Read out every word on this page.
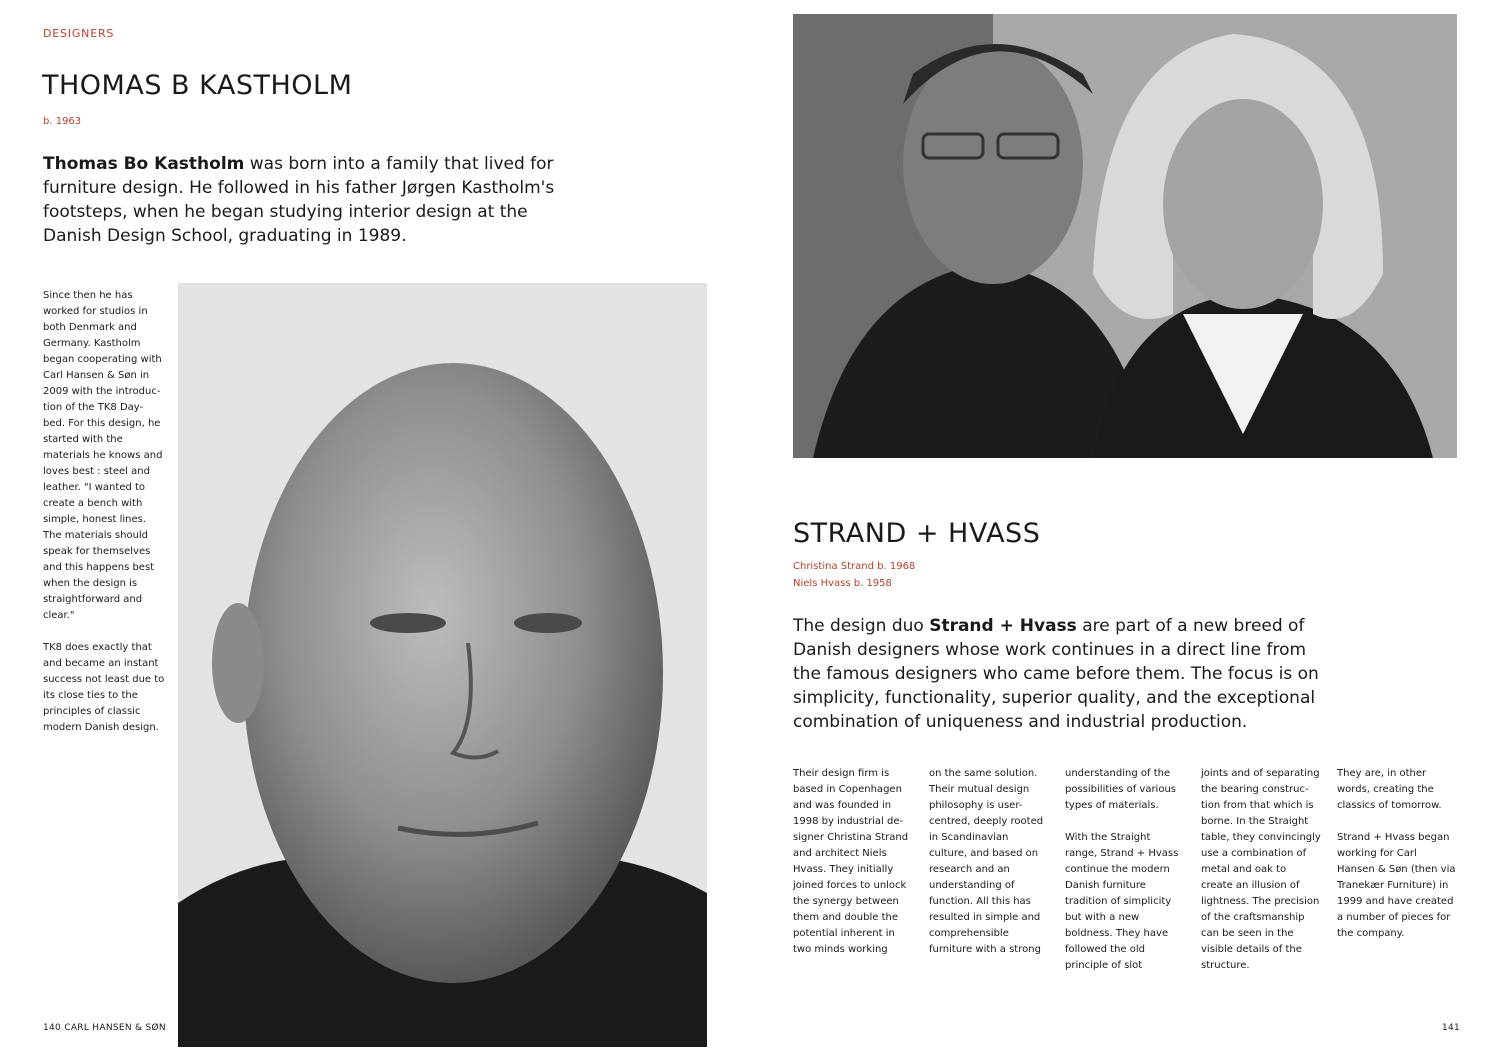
DESIGNERS
THOMAS B KASTHOLM
b. 1963

Thomas Bo Kastholm was born into a family that lived for furniture design. He followed in his father Jørgen Kastholm's footsteps, when he began studying interior design at the Danish Design School, graduating in 1989.

Since then he has worked for studios in both Denmark and Germany. Kastholm began cooperating with Carl Hansen & Søn in 2009 with the introduc- tion of the TK8 Day- bed. For this design, he started with the materials he knows and loves best : steel and leather. "I wanted to create a bench with simple, honest lines. The materials should speak for themselves and this happens best when the design is straightforward and clear."

TK8 does exactly that and became an instant success not least due to its close ties to the principles of classic modern Danish design.

140 CARL HANSEN & SØN
STRAND + HVASS
Christina Strand b. 1968
Niels Hvass b. 1958

The design duo Strand + Hvass are part of a new breed of Danish designers whose work continues in a direct line from the famous designers who came before them. The focus is on simplicity, functionality, superior quality, and the exceptional combination of uniqueness and industrial production.

Their design firm is based in Copenhagen and was founded in 1998 by industrial de- signer Christina Strand and architect Niels Hvass. They initially joined forces to unlock the synergy between them and double the potential inherent in two minds working

on the same solution. Their mutual design philosophy is user- centred, deeply rooted in Scandinavian culture, and based on research and an understanding of function. All this has resulted in simple and comprehensible furniture with a strong

understanding of the possibilities of various types of materials.

With the Straight range, Strand + Hvass continue the modern Danish furniture tradition of simplicity but with a new boldness. They have followed the old principle of slot

joints and of separating the bearing construc- tion from that which is borne. In the Straight table, they convincingly use a combination of metal and oak to create an illusion of lightness. The precision of the craftsmanship can be seen in the visible details of the structure.

They are, in other words, creating the classics of tomorrow.

Strand + Hvass began working for Carl Hansen & Søn (then via Tranekær Furniture) in 1999 and have created a number of pieces for the company.

141
